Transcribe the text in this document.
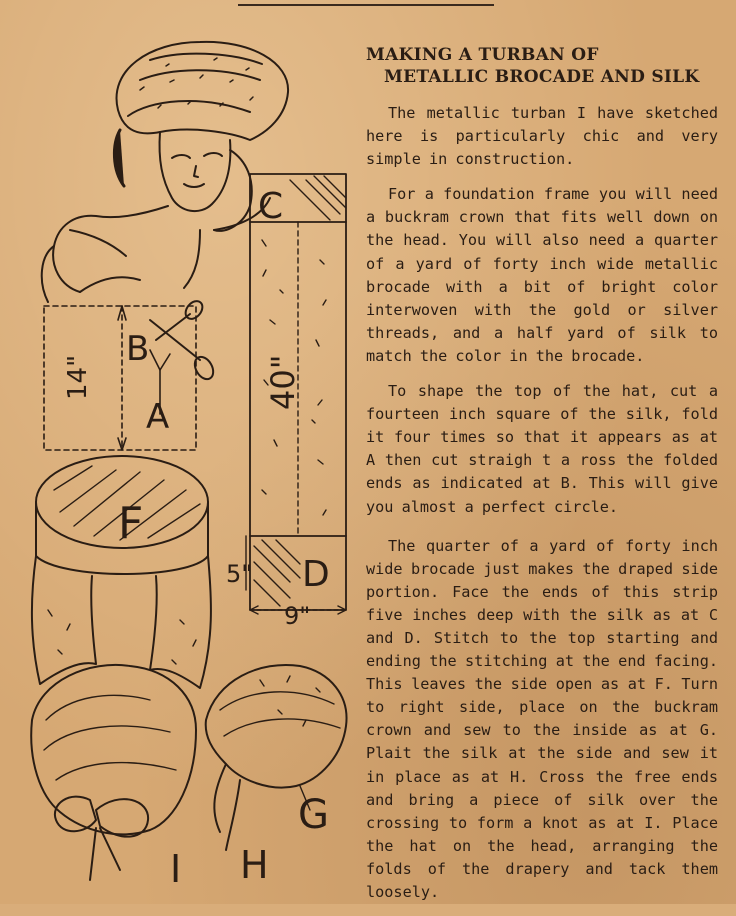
B
A
14"
C
D
40"
5"
9"
F
I
G
H
MAKING A TURBAN OF
METALLIC BROCADE AND SILK

The metallic turban I have sketched here is particularly chic and very simple in construction.

For a foundation frame you will need a buckram crown that fits well down on the head. You will also need a quarter of a yard of forty inch wide metallic brocade with a bit of bright color interwoven with the gold or silver threads, and a half yard of silk to match the color in the brocade.

To shape the top of the hat, cut a fourteen inch square of the silk, fold it four times so that it appears as at A then cut straigh t a ross the folded ends as indicated at B. This will give you almost a perfect circle.

The quarter of a yard of forty inch wide brocade just makes the draped side portion. Face the ends of this strip five inches deep with the silk as at C and D. Stitch to the top starting and ending the stitching at the end facing. This leaves the side open as at F. Turn to right side, place on the buckram crown and sew to the inside as at G. Plait the silk at the side and sew it in place as at H. Cross the free ends and bring a piece of silk over the crossing to form a knot as at I. Place the hat on the head, arranging the folds of the drapery and tack them loosely.
